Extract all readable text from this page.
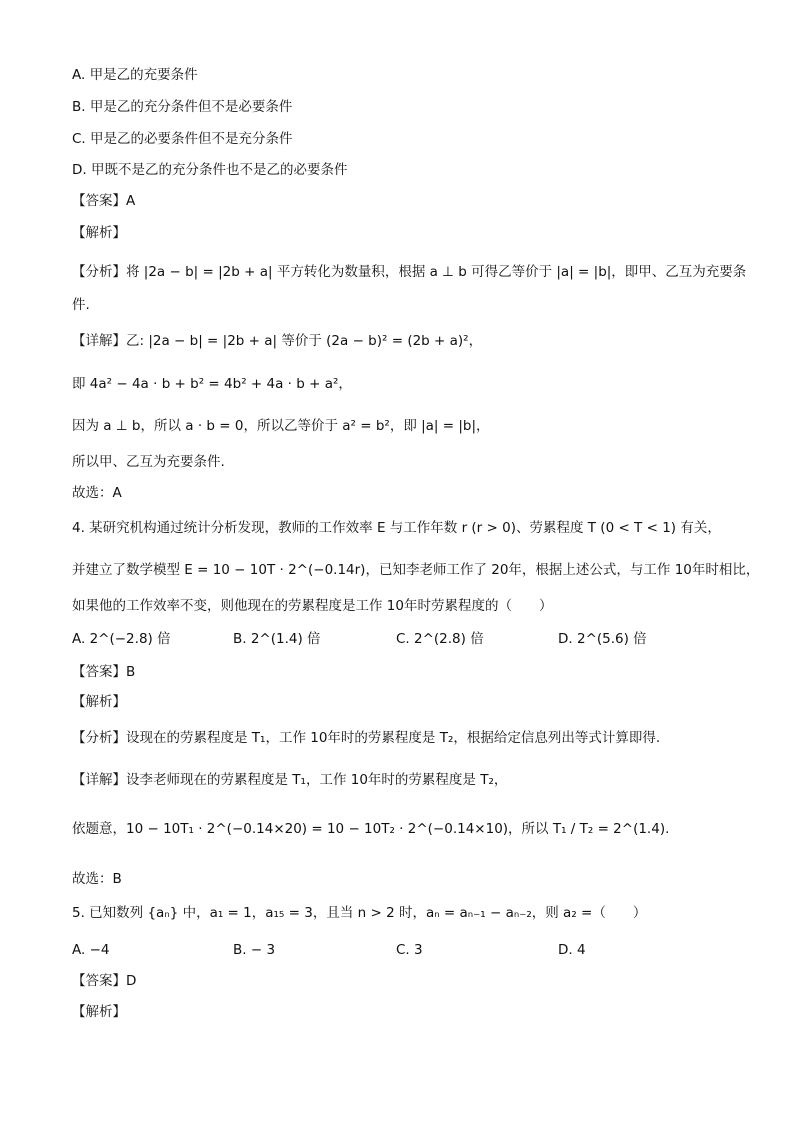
A. 甲是乙的充要条件
B. 甲是乙的充分条件但不是必要条件
C. 甲是乙的必要条件但不是充分条件
D. 甲既不是乙的充分条件也不是乙的必要条件
【答案】A
【解析】
【分析】将 |2a − b| = |2b + a| 平方转化为数量积，根据 a ⊥ b 可得乙等价于 |a| = |b|，即甲、乙互为充要条
件.
【详解】乙: |2a − b| = |2b + a| 等价于 (2a − b)² = (2b + a)²，
即 4a² − 4a · b + b² = 4b² + 4a · b + a²，
因为 a ⊥ b，所以 a · b = 0，所以乙等价于 a² = b²，即 |a| = |b|，
所以甲、乙互为充要条件.
故选：A
4. 某研究机构通过统计分析发现，教师的工作效率 E 与工作年数 r (r > 0)、劳累程度 T (0 < T < 1) 有关，
并建立了数学模型 E = 10 − 10T · 2^(−0.14r)，已知李老师工作了 20年，根据上述公式，与工作 10年时相比，
如果他的工作效率不变，则他现在的劳累程度是工作 10年时劳累程度的（　　）
A. 2^(−2.8) 倍	B. 2^(1.4) 倍	C. 2^(2.8) 倍	D. 2^(5.6) 倍
【答案】B
【解析】
【分析】设现在的劳累程度是 T₁，工作 10年时的劳累程度是 T₂，根据给定信息列出等式计算即得.
【详解】设李老师现在的劳累程度是 T₁，工作 10年时的劳累程度是 T₂，
依题意，10 − 10T₁ · 2^(−0.14×20) = 10 − 10T₂ · 2^(−0.14×10)，所以 T₁ / T₂ = 2^(1.4).
故选：B
5. 已知数列 {aₙ} 中，a₁ = 1，a₁₅ = 3，且当 n > 2 时，aₙ = aₙ₋₁ − aₙ₋₂，则 a₂ =（　　）
A. −4	B. − 3	C. 3	D. 4
【答案】D
【解析】
